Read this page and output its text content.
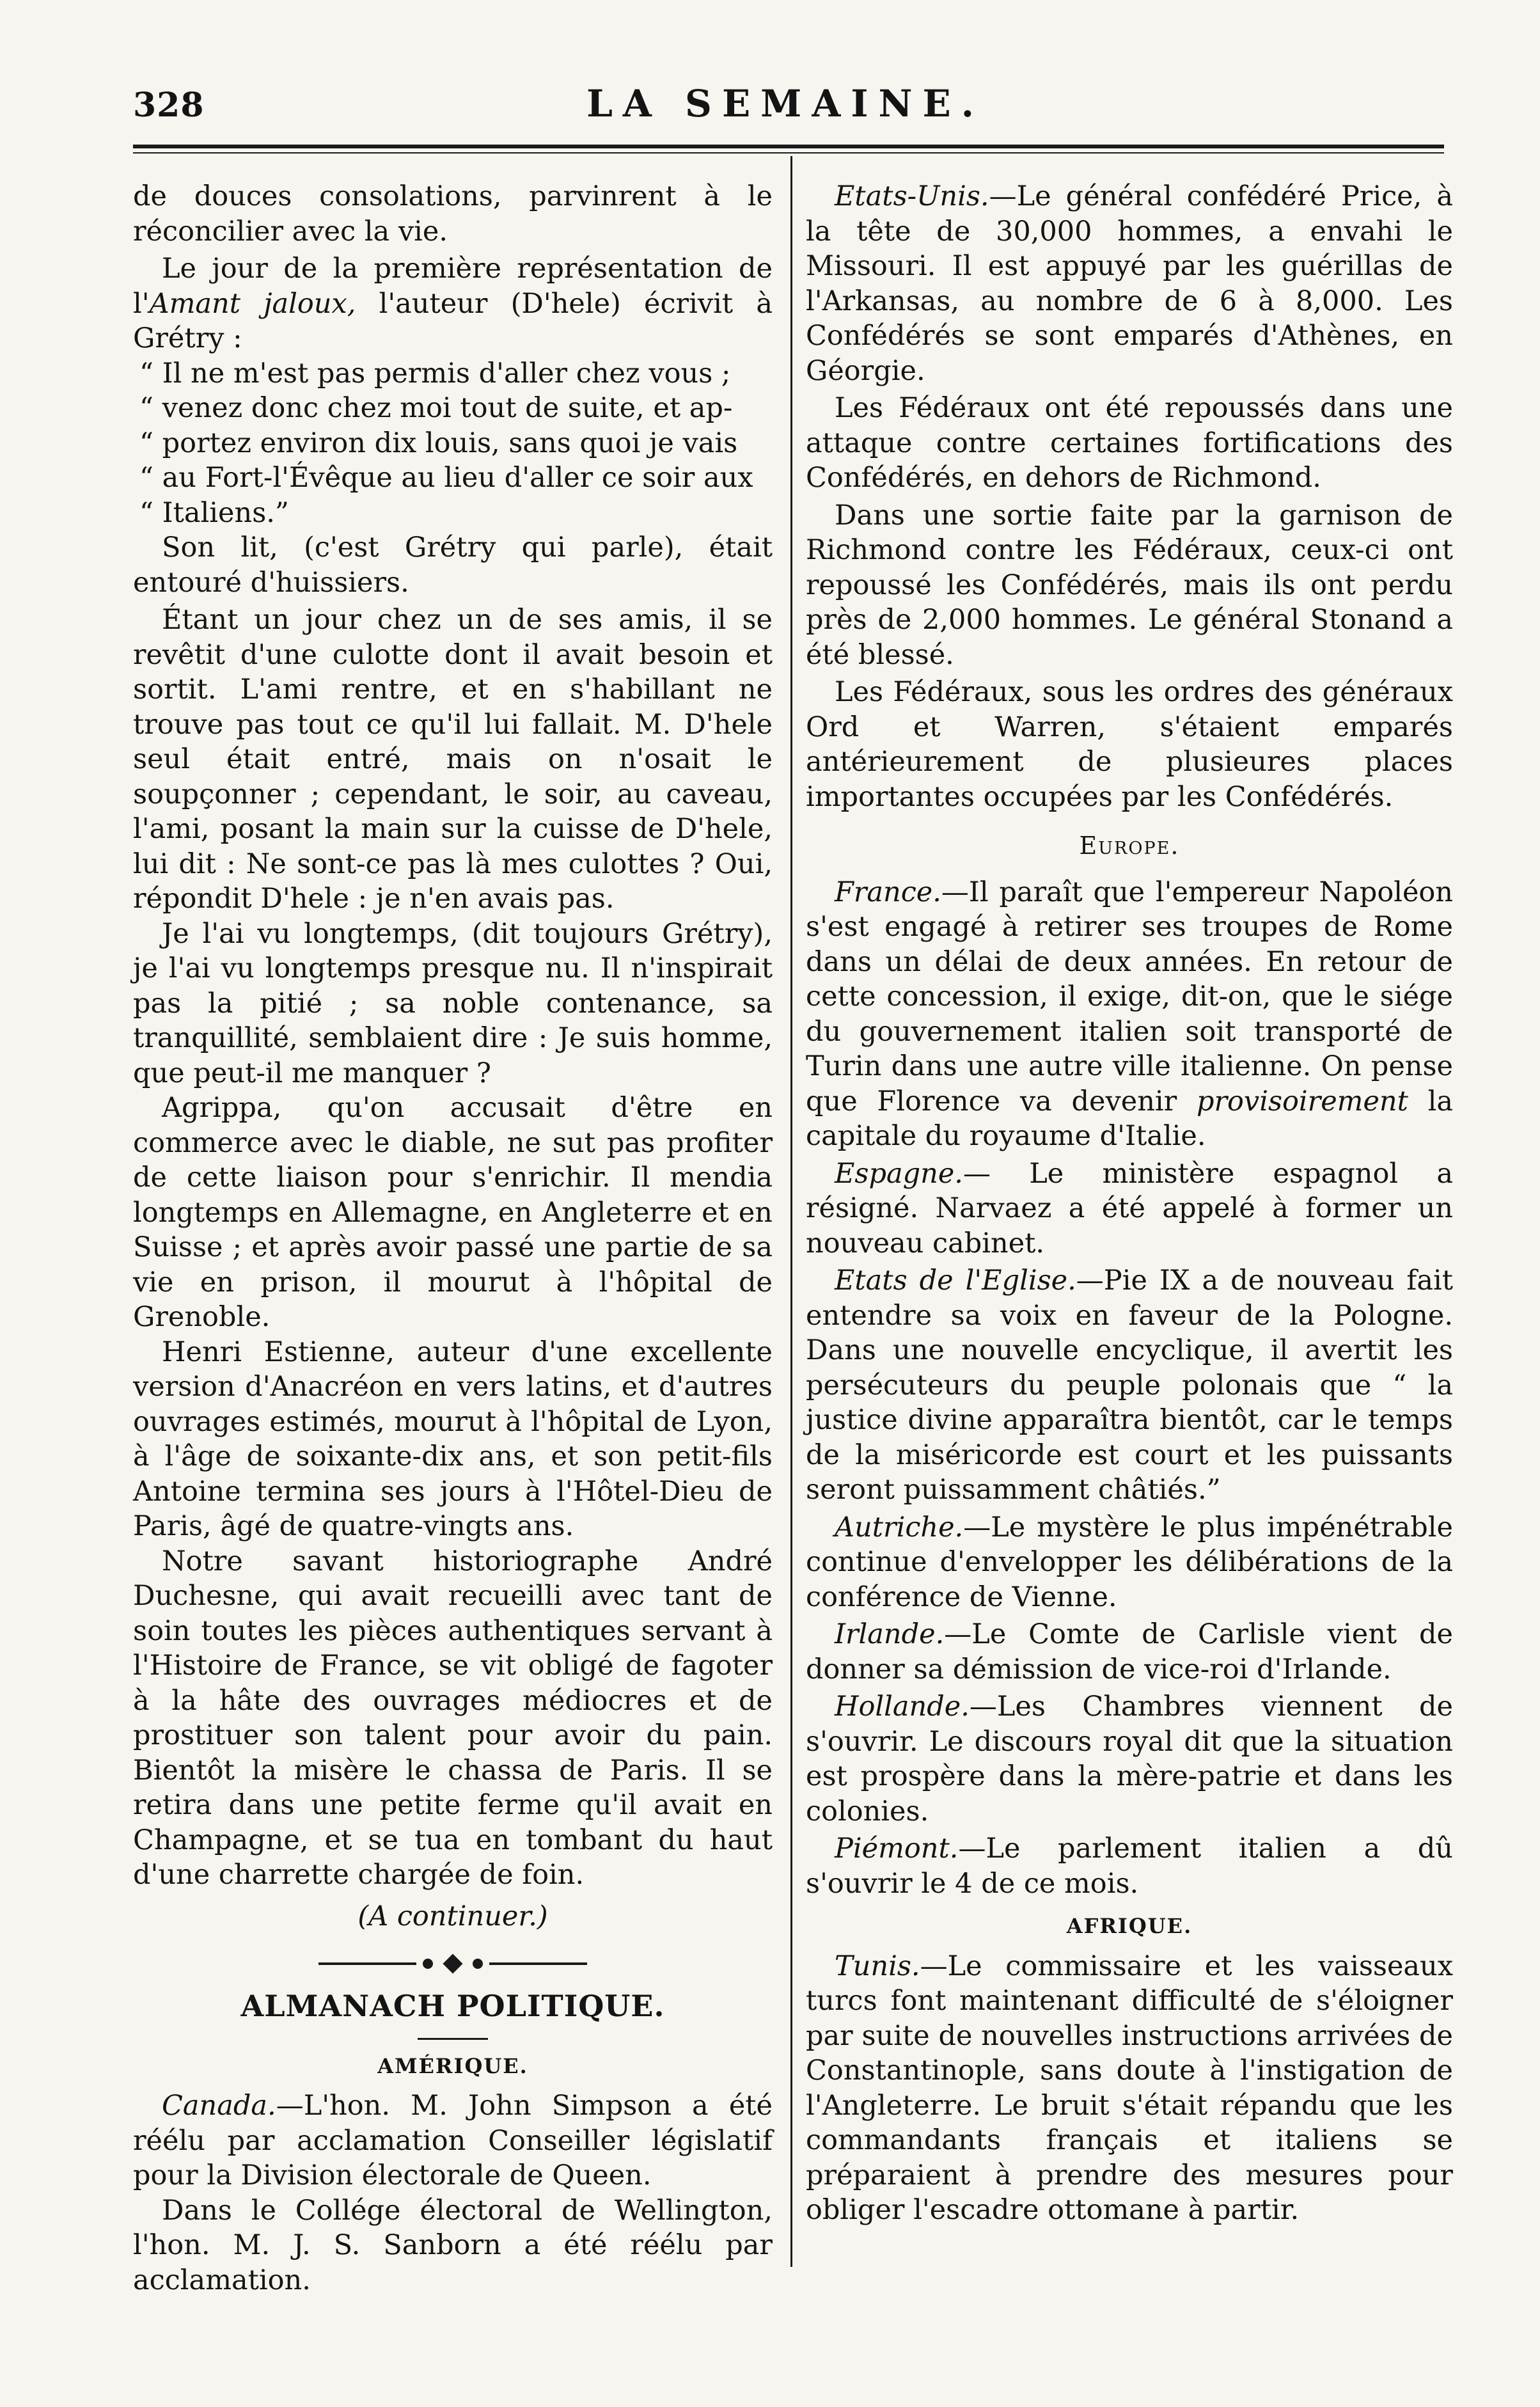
328	LA SEMAINE.

de douces consolations, parvinrent à le réconcilier avec la vie.

Le jour de la première représentation de l'Amant jaloux, l'auteur (D'hele) écrivit à Grétry :

“ Il ne m'est pas permis d'aller chez vous ;

“ venez donc chez moi tout de suite, et ap-

“ portez environ dix louis, sans quoi je vais

“ au Fort-l'Évêque au lieu d'aller ce soir aux

“ Italiens.”

Son lit, (c'est Grétry qui parle), était entouré d'huissiers.

Étant un jour chez un de ses amis, il se revêtit d'une culotte dont il avait besoin et sortit. L'ami rentre, et en s'habillant ne trouve pas tout ce qu'il lui fallait. M. D'hele seul était entré, mais on n'osait le soupçonner ; cependant, le soir, au caveau, l'ami, posant la main sur la cuisse de D'hele, lui dit : Ne sont-ce pas là mes culottes ? Oui, répondit D'hele : je n'en avais pas.

Je l'ai vu longtemps, (dit toujours Grétry), je l'ai vu longtemps presque nu. Il n'inspirait pas la pitié ; sa noble contenance, sa tranquillité, semblaient dire : Je suis homme, que peut-il me manquer ?

Agrippa, qu'on accusait d'être en commerce avec le diable, ne sut pas profiter de cette liaison pour s'enrichir. Il mendia longtemps en Allemagne, en Angleterre et en Suisse ; et après avoir passé une partie de sa vie en prison, il mourut à l'hôpital de Grenoble.

Henri Estienne, auteur d'une excellente version d'Anacréon en vers latins, et d'autres ouvrages estimés, mourut à l'hôpital de Lyon, à l'âge de soixante-dix ans, et son petit-fils Antoine termina ses jours à l'Hôtel-Dieu de Paris, âgé de quatre-vingts ans.

Notre savant historiographe André Duchesne, qui avait recueilli avec tant de soin toutes les pièces authentiques servant à l'Histoire de France, se vit obligé de fagoter à la hâte des ouvrages médiocres et de prostituer son talent pour avoir du pain. Bientôt la misère le chassa de Paris. Il se retira dans une petite ferme qu'il avait en Champagne, et se tua en tombant du haut d'une charrette chargée de foin.

(A continuer.)
ALMANACH POLITIQUE.
AMÉRIQUE.

Canada.—L'hon. M. John Simpson a été réélu par acclamation Conseiller législatif pour la Division électorale de Queen.

Dans le Collége électoral de Wellington, l'hon. M. J. S. Sanborn a été réélu par acclamation.

Etats-Unis.—Le général confédéré Price, à la tête de 30,000 hommes, a envahi le Missouri. Il est appuyé par les guérillas de l'Arkansas, au nombre de 6 à 8,000. Les Confédérés se sont emparés d'Athènes, en Géorgie.

Les Fédéraux ont été repoussés dans une attaque contre certaines fortifications des Confédérés, en dehors de Richmond.

Dans une sortie faite par la garnison de Richmond contre les Fédéraux, ceux-ci ont repoussé les Confédérés, mais ils ont perdu près de 2,000 hommes. Le général Stonand a été blessé.

Les Fédéraux, sous les ordres des généraux Ord et Warren, s'étaient emparés antérieurement de plusieures places importantes occupées par les Confédérés.

Europe.

France.—Il paraît que l'empereur Napoléon s'est engagé à retirer ses troupes de Rome dans un délai de deux années. En retour de cette concession, il exige, dit-on, que le siége du gouvernement italien soit transporté de Turin dans une autre ville italienne. On pense que Florence va devenir provisoirement la capitale du royaume d'Italie.

Espagne.— Le ministère espagnol a résigné. Narvaez a été appelé à former un nouveau cabinet.

Etats de l'Eglise.—Pie IX a de nouveau fait entendre sa voix en faveur de la Pologne. Dans une nouvelle encyclique, il avertit les persécuteurs du peuple polonais que “ la justice divine apparaîtra bientôt, car le temps de la miséricorde est court et les puissants seront puissamment châtiés.”

Autriche.—Le mystère le plus impénétrable continue d'envelopper les délibérations de la conférence de Vienne.

Irlande.—Le Comte de Carlisle vient de donner sa démission de vice-roi d'Irlande.

Hollande.—Les Chambres viennent de s'ouvrir. Le discours royal dit que la situation est prospère dans la mère-patrie et dans les colonies.

Piémont.—Le parlement italien a dû s'ouvrir le 4 de ce mois.

AFRIQUE.

Tunis.—Le commissaire et les vaisseaux turcs font maintenant difficulté de s'éloigner par suite de nouvelles instructions arrivées de Constantinople, sans doute à l'instigation de l'Angleterre. Le bruit s'était répandu que les commandants français et italiens se préparaient à prendre des mesures pour obliger l'escadre ottomane à partir.
